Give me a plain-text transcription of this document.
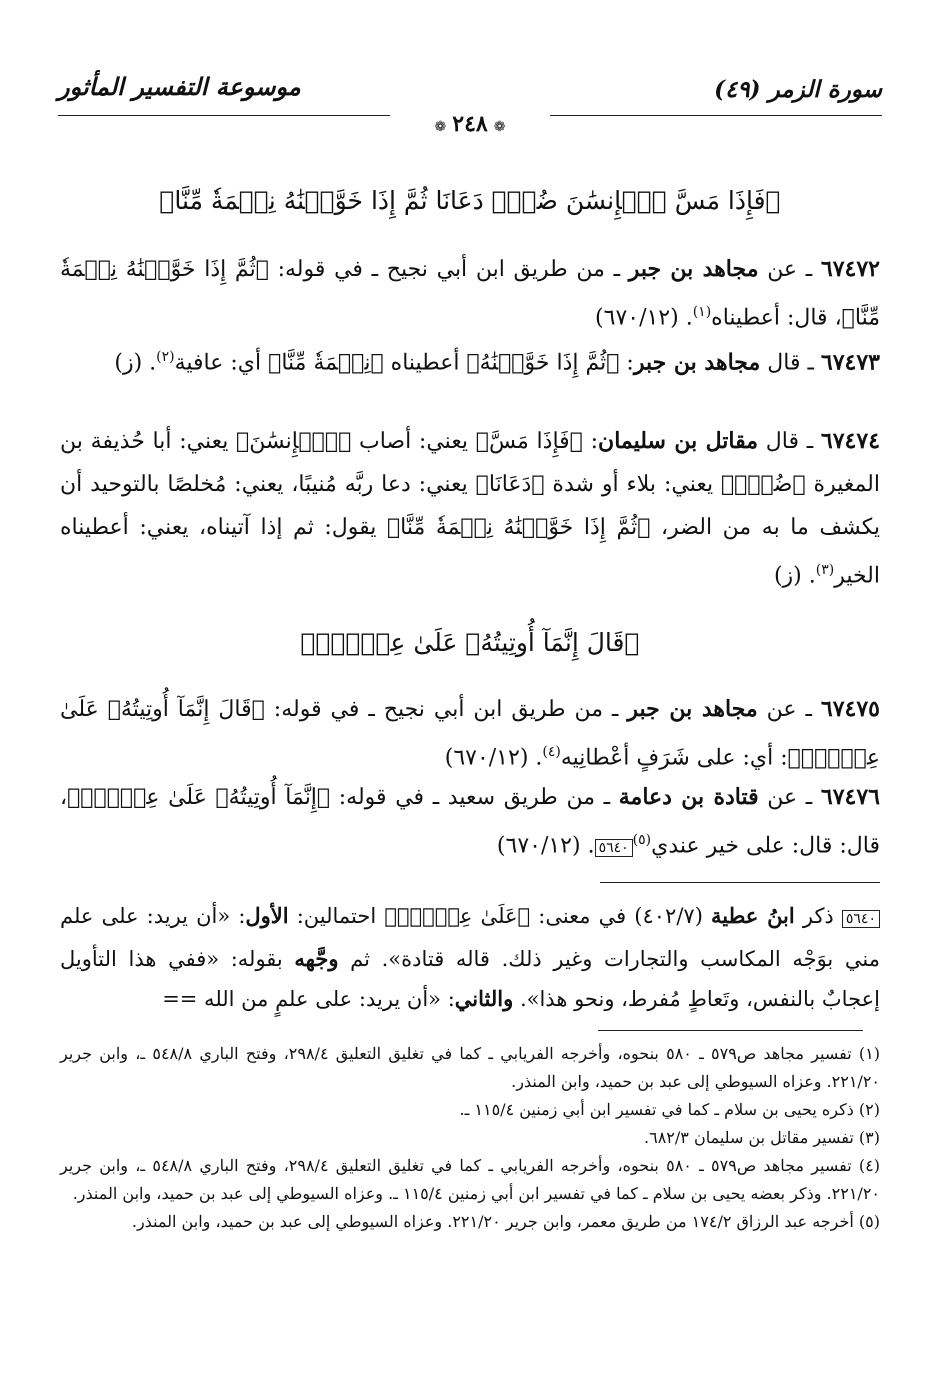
موسوعة التفسير المأثور	سورة الزمر (٤٩)
❁ ٢٤٨ ❁
﴿فَإِذَا مَسَّ ٱلۡإِنسَٰنَ ضُرّٞ دَعَانَا ثُمَّ إِذَا خَوَّلۡنَٰهُ نِعۡمَةٗ مِّنَّا﴾
٦٧٤٧٢ ـ عن مجاهد بن جبر ـ من طريق ابن أبي نجيح ـ في قوله: ﴿ثُمَّ إِذَا خَوَّلۡنَٰهُ نِعۡمَةٗ مِّنَّا﴾، قال: أعطيناه$^{(١)}$. (٦٧٠/١٢)
٦٧٤٧٣ ـ قال مجاهد بن جبر: ﴿ثُمَّ إِذَا خَوَّلۡنَٰهُ﴾ أعطيناه ﴿نِعۡمَةٗ مِّنَّا﴾ أي: عافية$^{(٢)}$. (ز)
٦٧٤٧٤ ـ قال مقاتل بن سليمان: ﴿فَإِذَا مَسَّ﴾ يعني: أصاب ﴿ٱلۡإِنسَٰنَ﴾ يعني: أبا حُذيفة بن المغيرة ﴿ضُرّٞ﴾ يعني: بلاء أو شدة ﴿دَعَانَا﴾ يعني: دعا ربَّه مُنيبًا، يعني: مُخلصًا بالتوحيد أن يكشف ما به من الضر، ﴿ثُمَّ إِذَا خَوَّلۡنَٰهُ نِعۡمَةٗ مِّنَّا﴾ يقول: ثم إذا آتيناه، يعني: أعطيناه الخير$^{(٣)}$. (ز)
﴿قَالَ إِنَّمَآ أُوتِيتُهُۥ عَلَىٰ عِلۡمِۭ﴾
٦٧٤٧٥ ـ عن مجاهد بن جبر ـ من طريق ابن أبي نجيح ـ في قوله: ﴿قَالَ إِنَّمَآ أُوتِيتُهُۥ عَلَىٰ عِلۡمِۭ﴾: أي: على شَرَفٍ أعْطانِيه$^{(٤)}$. (٦٧٠/١٢)
٦٧٤٧٦ ـ عن قتادة بن دعامة ـ من طريق سعيد ـ في قوله: ﴿إِنَّمَآ أُوتِيتُهُۥ عَلَىٰ عِلۡمِۭ﴾، قال: قال: على خير عندي$^{(٥)}$٥٦٤٠. (٦٧٠/١٢)
٥٦٤٠ ذكر ابنُ عطية (٤٠٢/٧) في معنى: ﴿عَلَىٰ عِلۡمِۭ﴾ احتمالين: الأول: «أن يريد: على علم مني بوَجْه المكاسب والتجارات وغير ذلك. قاله قتادة». ثم وجَّهه بقوله: «ففي هذا التأويل إعجابٌ بالنفس، وتَعاطٍ مُفرط، ونحو هذا». والثاني: «أن يريد: على علمٍ من الله ==

(١) تفسير مجاهد ص٥٧٩ ـ ٥٨٠ بنحوه، وأخرجه الفريابي ـ كما في تغليق التعليق ٢٩٨/٤، وفتح الباري ٥٤٨/٨ ـ، وابن جرير ٢٢١/٢٠. وعزاه السيوطي إلى عبد بن حميد، وابن المنذر.

(٢) ذكره يحيى بن سلام ـ كما في تفسير ابن أبي زمنين ١١٥/٤ ـ.

(٣) تفسير مقاتل بن سليمان ٦٨٢/٣.

(٤) تفسير مجاهد ص٥٧٩ ـ ٥٨٠ بنحوه، وأخرجه الفريابي ـ كما في تغليق التعليق ٢٩٨/٤، وفتح الباري ٥٤٨/٨ ـ، وابن جرير ٢٢١/٢٠. وذكر بعضه يحيى بن سلام ـ كما في تفسير ابن أبي زمنين ١١٥/٤ ـ. وعزاه السيوطي إلى عبد بن حميد، وابن المنذر.

(٥) أخرجه عبد الرزاق ١٧٤/٢ من طريق معمر، وابن جرير ٢٢١/٢٠. وعزاه السيوطي إلى عبد بن حميد، وابن المنذر.
